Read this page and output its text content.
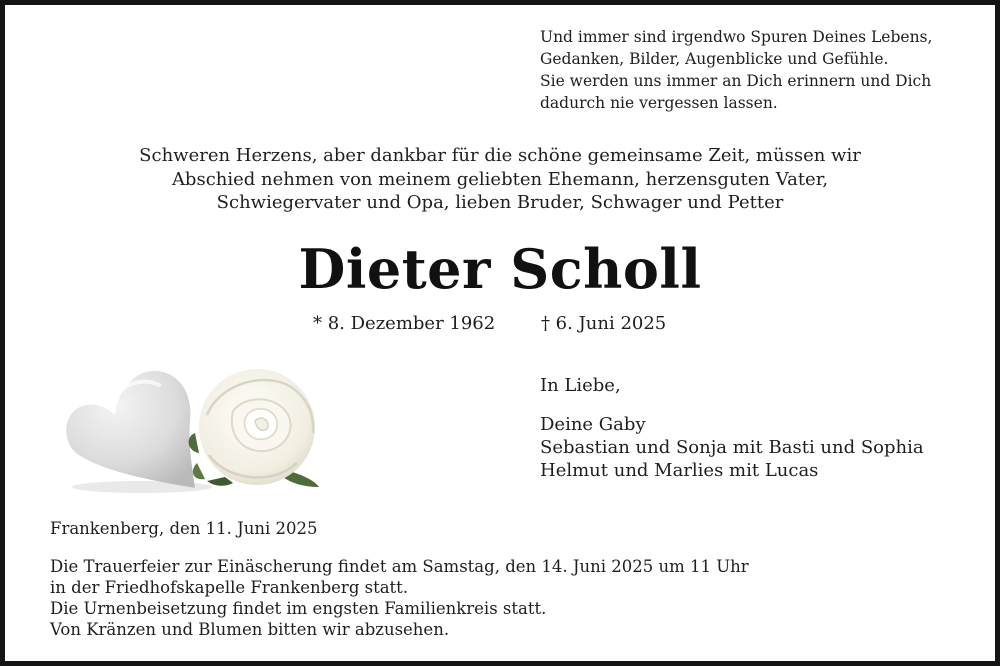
Und immer sind irgendwo Spuren Deines Lebens,
Gedanken, Bilder, Augenblicke und Gefühle.
Sie werden uns immer an Dich erinnern und Dich
dadurch nie vergessen lassen.
Schweren Herzens, aber dankbar für die schöne gemeinsame Zeit, müssen wir
Abschied nehmen von meinem geliebten Ehemann, herzensguten Vater,
Schwiegervater und Opa, lieben Bruder, Schwager und Petter
Dieter Scholl
* 8. Dezember 1962	† 6. Juni 2025
In Liebe,
Deine Gaby
Sebastian und Sonja mit Basti und Sophia
Helmut und Marlies mit Lucas
Frankenberg, den 11. Juni 2025
Die Trauerfeier zur Einäscherung findet am Samstag, den 14. Juni 2025 um 11 Uhr
in der Friedhofskapelle Frankenberg statt.
Die Urnenbeisetzung findet im engsten Familienkreis statt.
Von Kränzen und Blumen bitten wir abzusehen.
